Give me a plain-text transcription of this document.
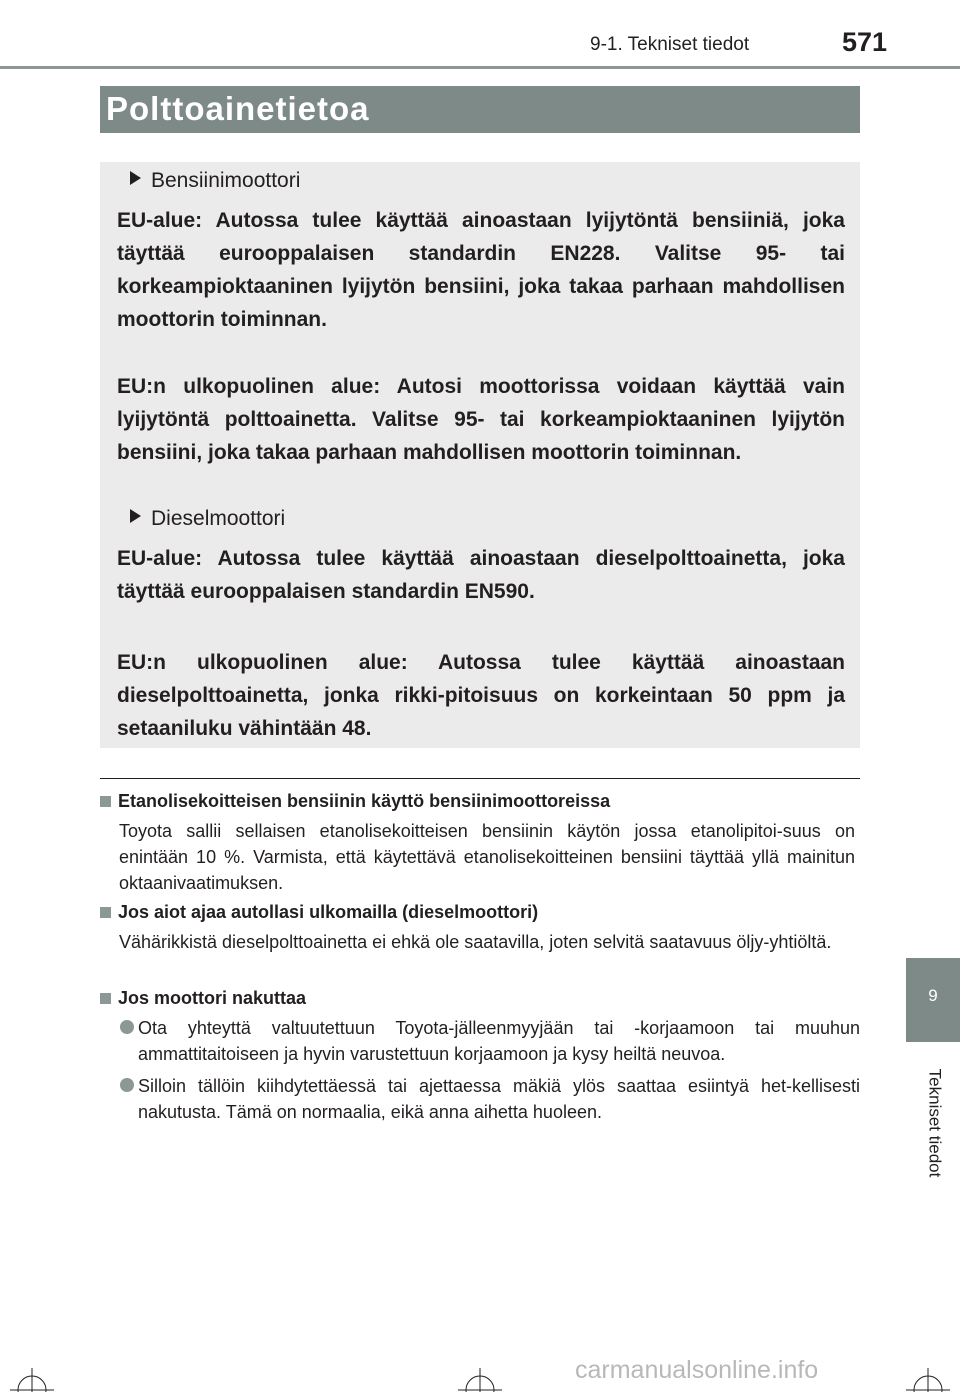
9-1. Tekniset tiedot	571
Polttoainetietoa
Bensiinimoottori
EU-alue: Autossa tulee käyttää ainoastaan lyijytöntä bensiiniä, joka täyttää eurooppalaisen standardin EN228. Valitse 95- tai korkeampioktaaninen lyijytön bensiini, joka takaa parhaan mahdollisen moottorin toiminnan.
EU:n ulkopuolinen alue: Autosi moottorissa voidaan käyttää vain lyijytöntä polttoainetta. Valitse 95- tai korkeampioktaaninen lyijytön bensiini, joka takaa parhaan mahdollisen moottorin toiminnan.
Dieselmoottori
EU-alue: Autossa tulee käyttää ainoastaan dieselpolttoainetta, joka täyttää eurooppalaisen standardin EN590.
EU:n ulkopuolinen alue: Autossa tulee käyttää ainoastaan dieselpolttoainetta, jonka rikki-pitoisuus on korkeintaan 50 ppm ja setaaniluku vähintään 48.
Etanolisekoitteisen bensiinin käyttö bensiinimoottoreissa
Toyota sallii sellaisen etanolisekoitteisen bensiinin käytön jossa etanolipitoi-suus on enintään 10 %. Varmista, että käytettävä etanolisekoitteinen bensiini täyttää yllä mainitun oktaanivaatimuksen.
Jos aiot ajaa autollasi ulkomailla (dieselmoottori)
Vähärikkistä dieselpolttoainetta ei ehkä ole saatavilla, joten selvitä saatavuus öljy-yhtiöltä.
Jos moottori nakuttaa
Ota yhteyttä valtuutettuun Toyota-jälleenmyyjään tai -korjaamoon tai muuhun ammattitaitoiseen ja hyvin varustettuun korjaamoon ja kysy heiltä neuvoa.
Silloin tällöin kiihdytettäessä tai ajettaessa mäkiä ylös saattaa esiintyä het-kellisesti nakutusta. Tämä on normaalia, eikä anna aihetta huoleen.
9
Tekniset tiedot
carmanualsonline.info
